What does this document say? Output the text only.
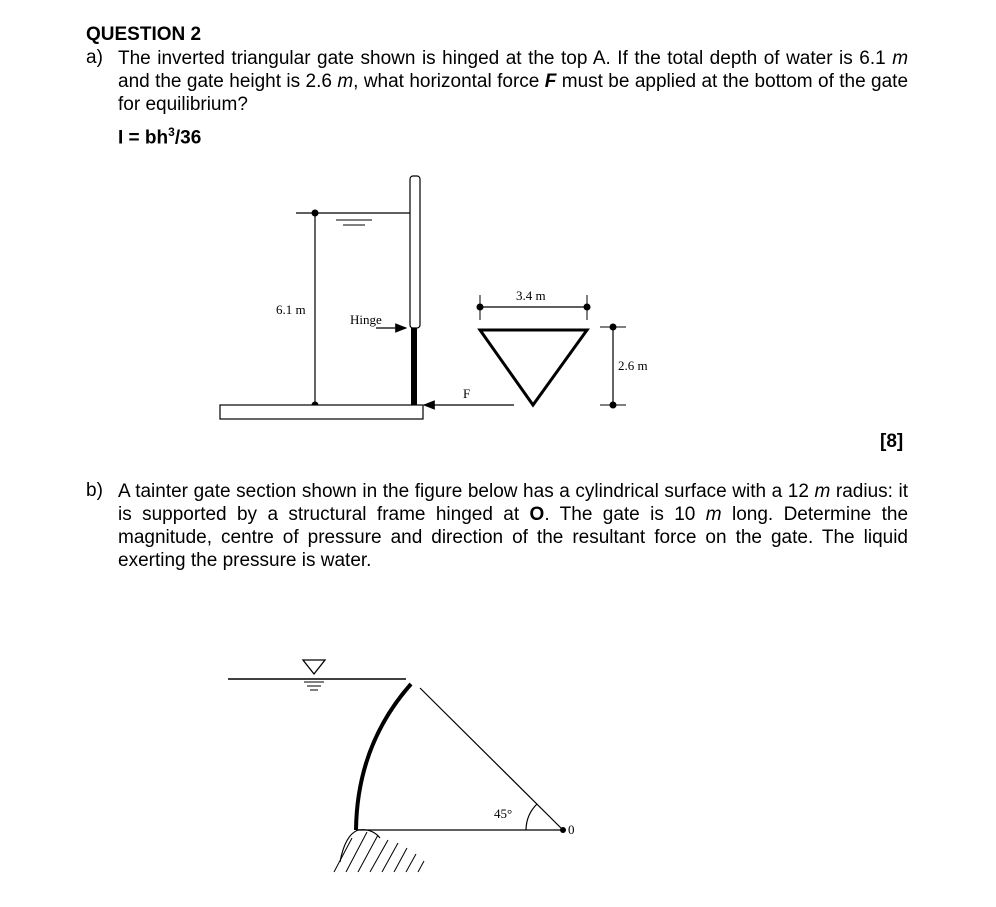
QUESTION 2
a) The inverted triangular gate shown is hinged at the top A. If the total depth of water is 6.1 m and the gate height is 2.6 m, what horizontal force F must be applied at the bottom of the gate for equilibrium?
$I = bh^3/36$
[8]
b) A tainter gate section shown in the figure below has a cylindrical surface with a 12 m radius: it is supported by a structural frame hinged at O. The gate is 10 m long. Determine the magnitude, centre of pressure and direction of the resultant force on the gate. The liquid exerting the pressure is water.
6.1 m
Hinge
F
3.4 m
2.6 m
45°
0
